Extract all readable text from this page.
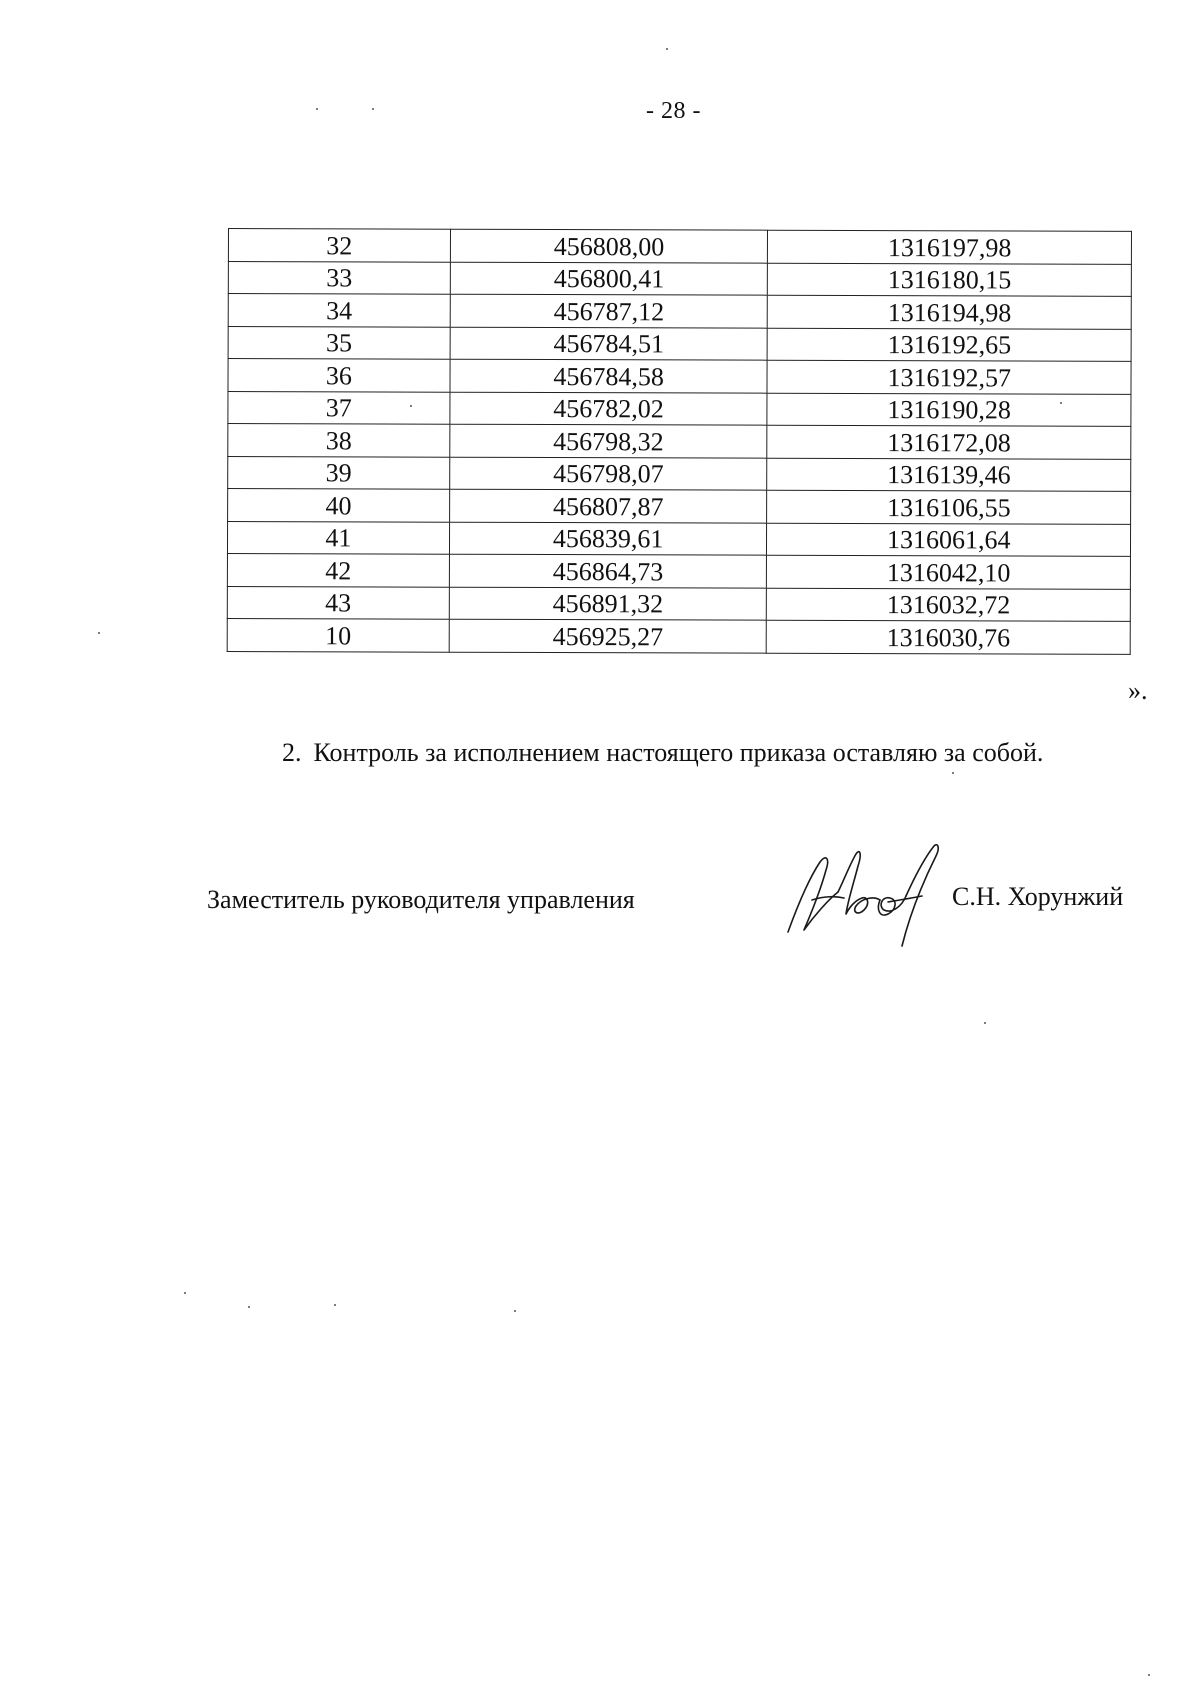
- 28 -
32	456808,00	1316197,98
33	456800,41	1316180,15
34	456787,12	1316194,98
35	456784,51	1316192,65
36	456784,58	1316192,57
37	456782,02	1316190,28
38	456798,32	1316172,08
39	456798,07	1316139,46
40	456807,87	1316106,55
41	456839,61	1316061,64
42	456864,73	1316042,10
43	456891,32	1316032,72
10	456925,27	1316030,76
».
2. Контроль за исполнением настоящего приказа оставляю за собой.
Заместитель руководителя управления	С.Н. Хорунжий
